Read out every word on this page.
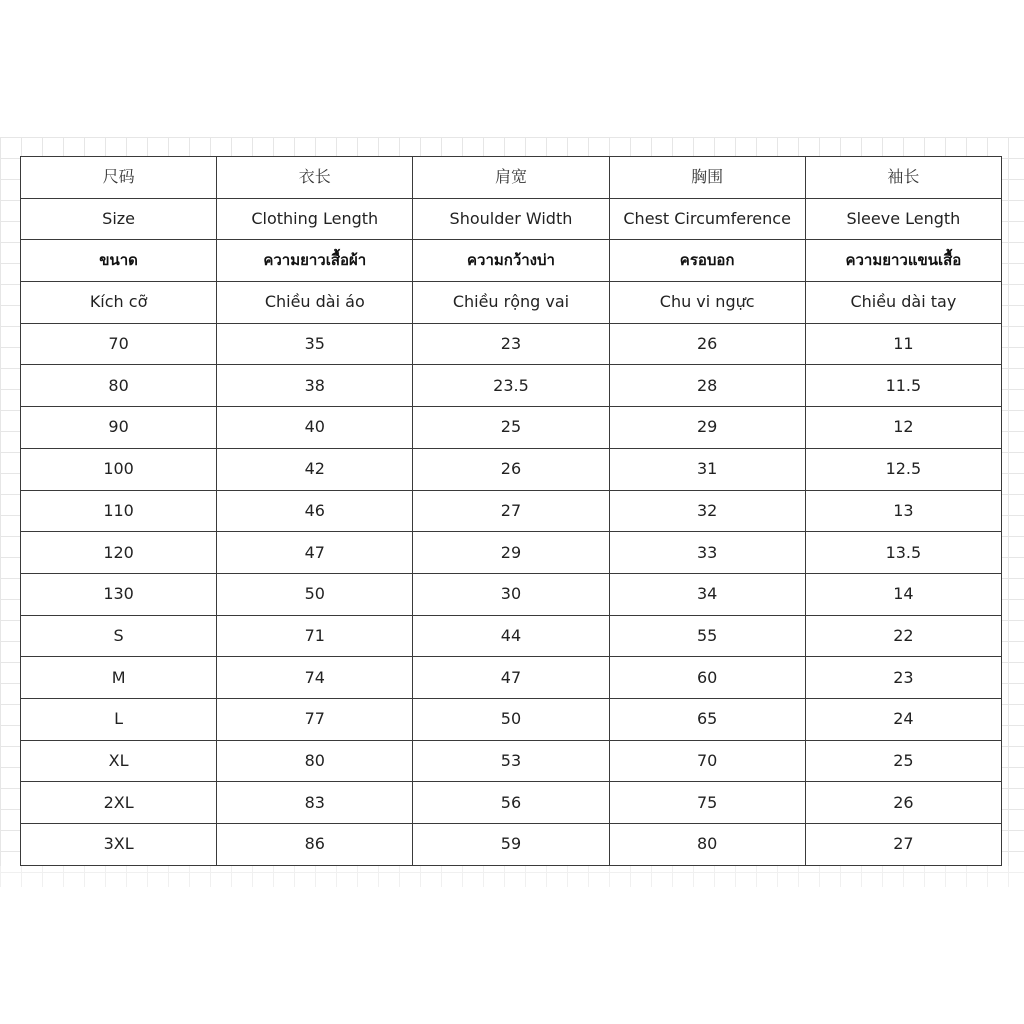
尺码	衣长	肩宽	胸围	袖长
Size	Clothing Length	Shoulder Width	Chest Circumference	Sleeve Length
ขนาด	ความยาวเสื้อผ้า	ความกว้างบ่า	ครอบอก	ความยาวแขนเสื้อ
Kích cỡ	Chiều dài áo	Chiều rộng vai	Chu vi ngực	Chiều dài tay
70	35	23	26	11
80	38	23.5	28	11.5
90	40	25	29	12
100	42	26	31	12.5
110	46	27	32	13
120	47	29	33	13.5
130	50	30	34	14
S	71	44	55	22
M	74	47	60	23
L	77	50	65	24
XL	80	53	70	25
2XL	83	56	75	26
3XL	86	59	80	27
